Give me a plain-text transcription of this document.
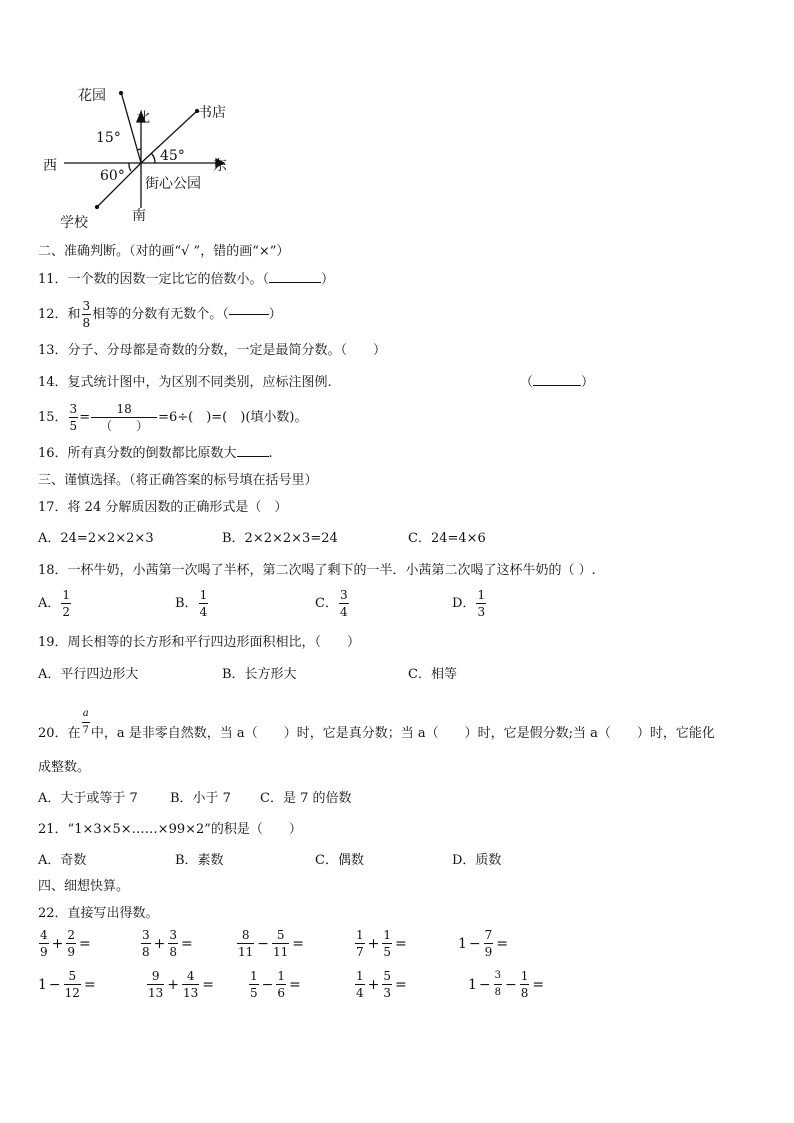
花园
北	书店
15°
45°
西	东
60° 街心公园
学校	南
二、准确判断。（对的画“√ ”，错的画“×”）
11．一个数的因数一定比它的倍数小。（	）
12．和 $\frac{3}{8}$ 相等的分数有无数个。（	）
13．分子、分母都是奇数的分数，一定是最简分数。（　　）
14．复式统计图中，为区别不同类别，应标注图例.	（	）
15． $\frac{3}{5} = \frac{18}{( )} =6\div$(　)=(　)(填小数)。
16．所有真分数的倒数都比原数大 .
三、谨慎选择。（将正确答案的标号填在括号里）
17．将 24 分解质因数的正确形式是（　）
A．24=2×2×2×3	B．2×2×2×3=24	C．24=4×6
18．一杯牛奶，小茜第一次喝了半杯，第二次喝了剩下的一半．小茜第二次喝了这杯牛奶的（ ）.
A． $\frac{1}{2}$	B． $\frac{1}{4}$	C． $\frac{3}{4}$	D． $\frac{1}{3}$
19．周长相等的长方形和平行四边形面积相比，（　　）
A．平行四边形大	B．长方形大	C．相等
20．在 $\frac{a}{7}$ 中，a 是非零自然数，当 a（　　）时，它是真分数；当 a（　　）时，它是假分数;当 a（　　）时，它能化
成整数。
A．大于或等于 7 B．小于 7 C．是 7 的倍数
21．“1×3×5×……×99×2”的积是（　　）
A．奇数	B．素数	C．偶数	D．质数
四、细想快算。
22．直接写出得数。
$\frac{4}{9} + \frac{2}{9}$ =	$\frac{3}{8} + \frac{3}{8}$ =	$\frac{8}{11} - \frac{5}{11}$ =	$\frac{1}{7} + \frac{1}{5}$ =	$1 - \frac{7}{9}$ =
$1 - \frac{5}{12}$ =	$\frac{9}{13} + \frac{4}{13}$ =	$\frac{1}{5} - \frac{1}{6}$ =	$\frac{1}{4} + \frac{5}{3}$ =	$1 - \frac{3}{8} - \frac{1}{8}$ =
